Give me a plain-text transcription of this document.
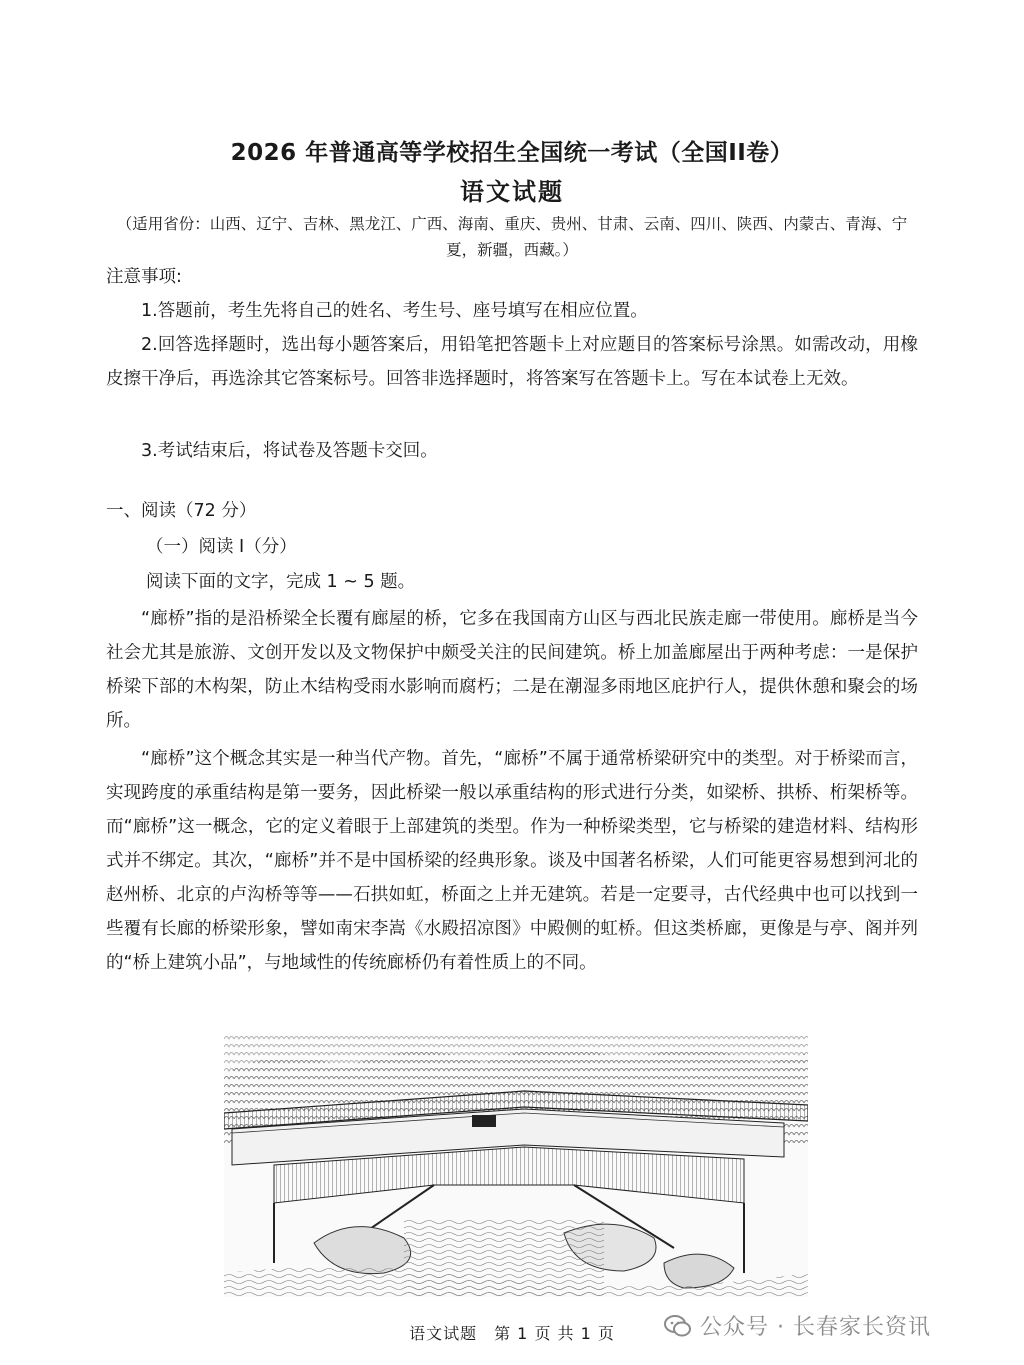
2026 年普通高等学校招生全国统一考试（全国II卷）
语文试题
（适用省份：山西、辽宁、吉林、黑龙江、广西、海南、重庆、贵州、甘肃、云南、四川、陕西、内蒙古、青海、宁夏，新疆，西藏。）
注意事项:
1.答题前，考生先将自己的姓名、考生号、座号填写在相应位置。
2.回答选择题时，选出每小题答案后，用铅笔把答题卡上对应题目的答案标号涂黑。如需改动，用橡皮擦干净后，再选涂其它答案标号。回答非选择题时，将答案写在答题卡上。写在本试卷上无效。
3.考试结束后，将试卷及答题卡交回。
一、阅读（72 分）
（一）阅读 I（分）
阅读下面的文字，完成 1 ~ 5 题。
“廊桥”指的是沿桥梁全长覆有廊屋的桥，它多在我国南方山区与西北民族走廊一带使用。廊桥是当今社会尤其是旅游、文创开发以及文物保护中颇受关注的民间建筑。桥上加盖廊屋出于两种考虑：一是保护桥梁下部的木构架，防止木结构受雨水影响而腐朽；二是在潮湿多雨地区庇护行人，提供休憩和聚会的场所。
“廊桥”这个概念其实是一种当代产物。首先，“廊桥”不属于通常桥梁研究中的类型。对于桥梁而言，实现跨度的承重结构是第一要务，因此桥梁一般以承重结构的形式进行分类，如梁桥、拱桥、桁架桥等。而“廊桥”这一概念，它的定义着眼于上部建筑的类型。作为一种桥梁类型，它与桥梁的建造材料、结构形式并不绑定。其次，“廊桥”并不是中国桥梁的经典形象。谈及中国著名桥梁，人们可能更容易想到河北的赵州桥、北京的卢沟桥等等——石拱如虹，桥面之上并无建筑。若是一定要寻，古代经典中也可以找到一些覆有长廊的桥梁形象，譬如南宋李嵩《水殿招凉图》中殿侧的虹桥。但这类桥廊，更像是与亭、阁并列的“桥上建筑小品”，与地域性的传统廊桥仍有着性质上的不同。
语文试题　第 1 页 共 1 页	公众号 · 长春家长资讯
